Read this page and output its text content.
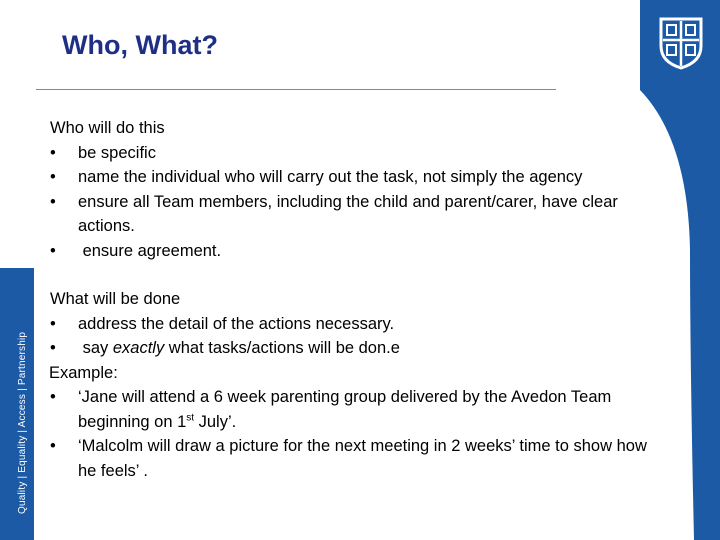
Quality | Equality | Access | Partnership
Who, What?
Who will do this
•	be specific
•	name the individual who will carry out the task, not simply the agency
•	ensure all Team members, including the child and parent/carer, have clear actions.
•	ensure agreement.
What will be done
•	address the detail of the actions necessary.
•	say exactly what tasks/actions will be don.e
Example:
•	‘Jane will attend a 6 week parenting group delivered by the Avedon Team beginning on 1st July’.
•	‘Malcolm will draw a picture for the next meeting in 2 weeks’ time to show how he feels’ .
